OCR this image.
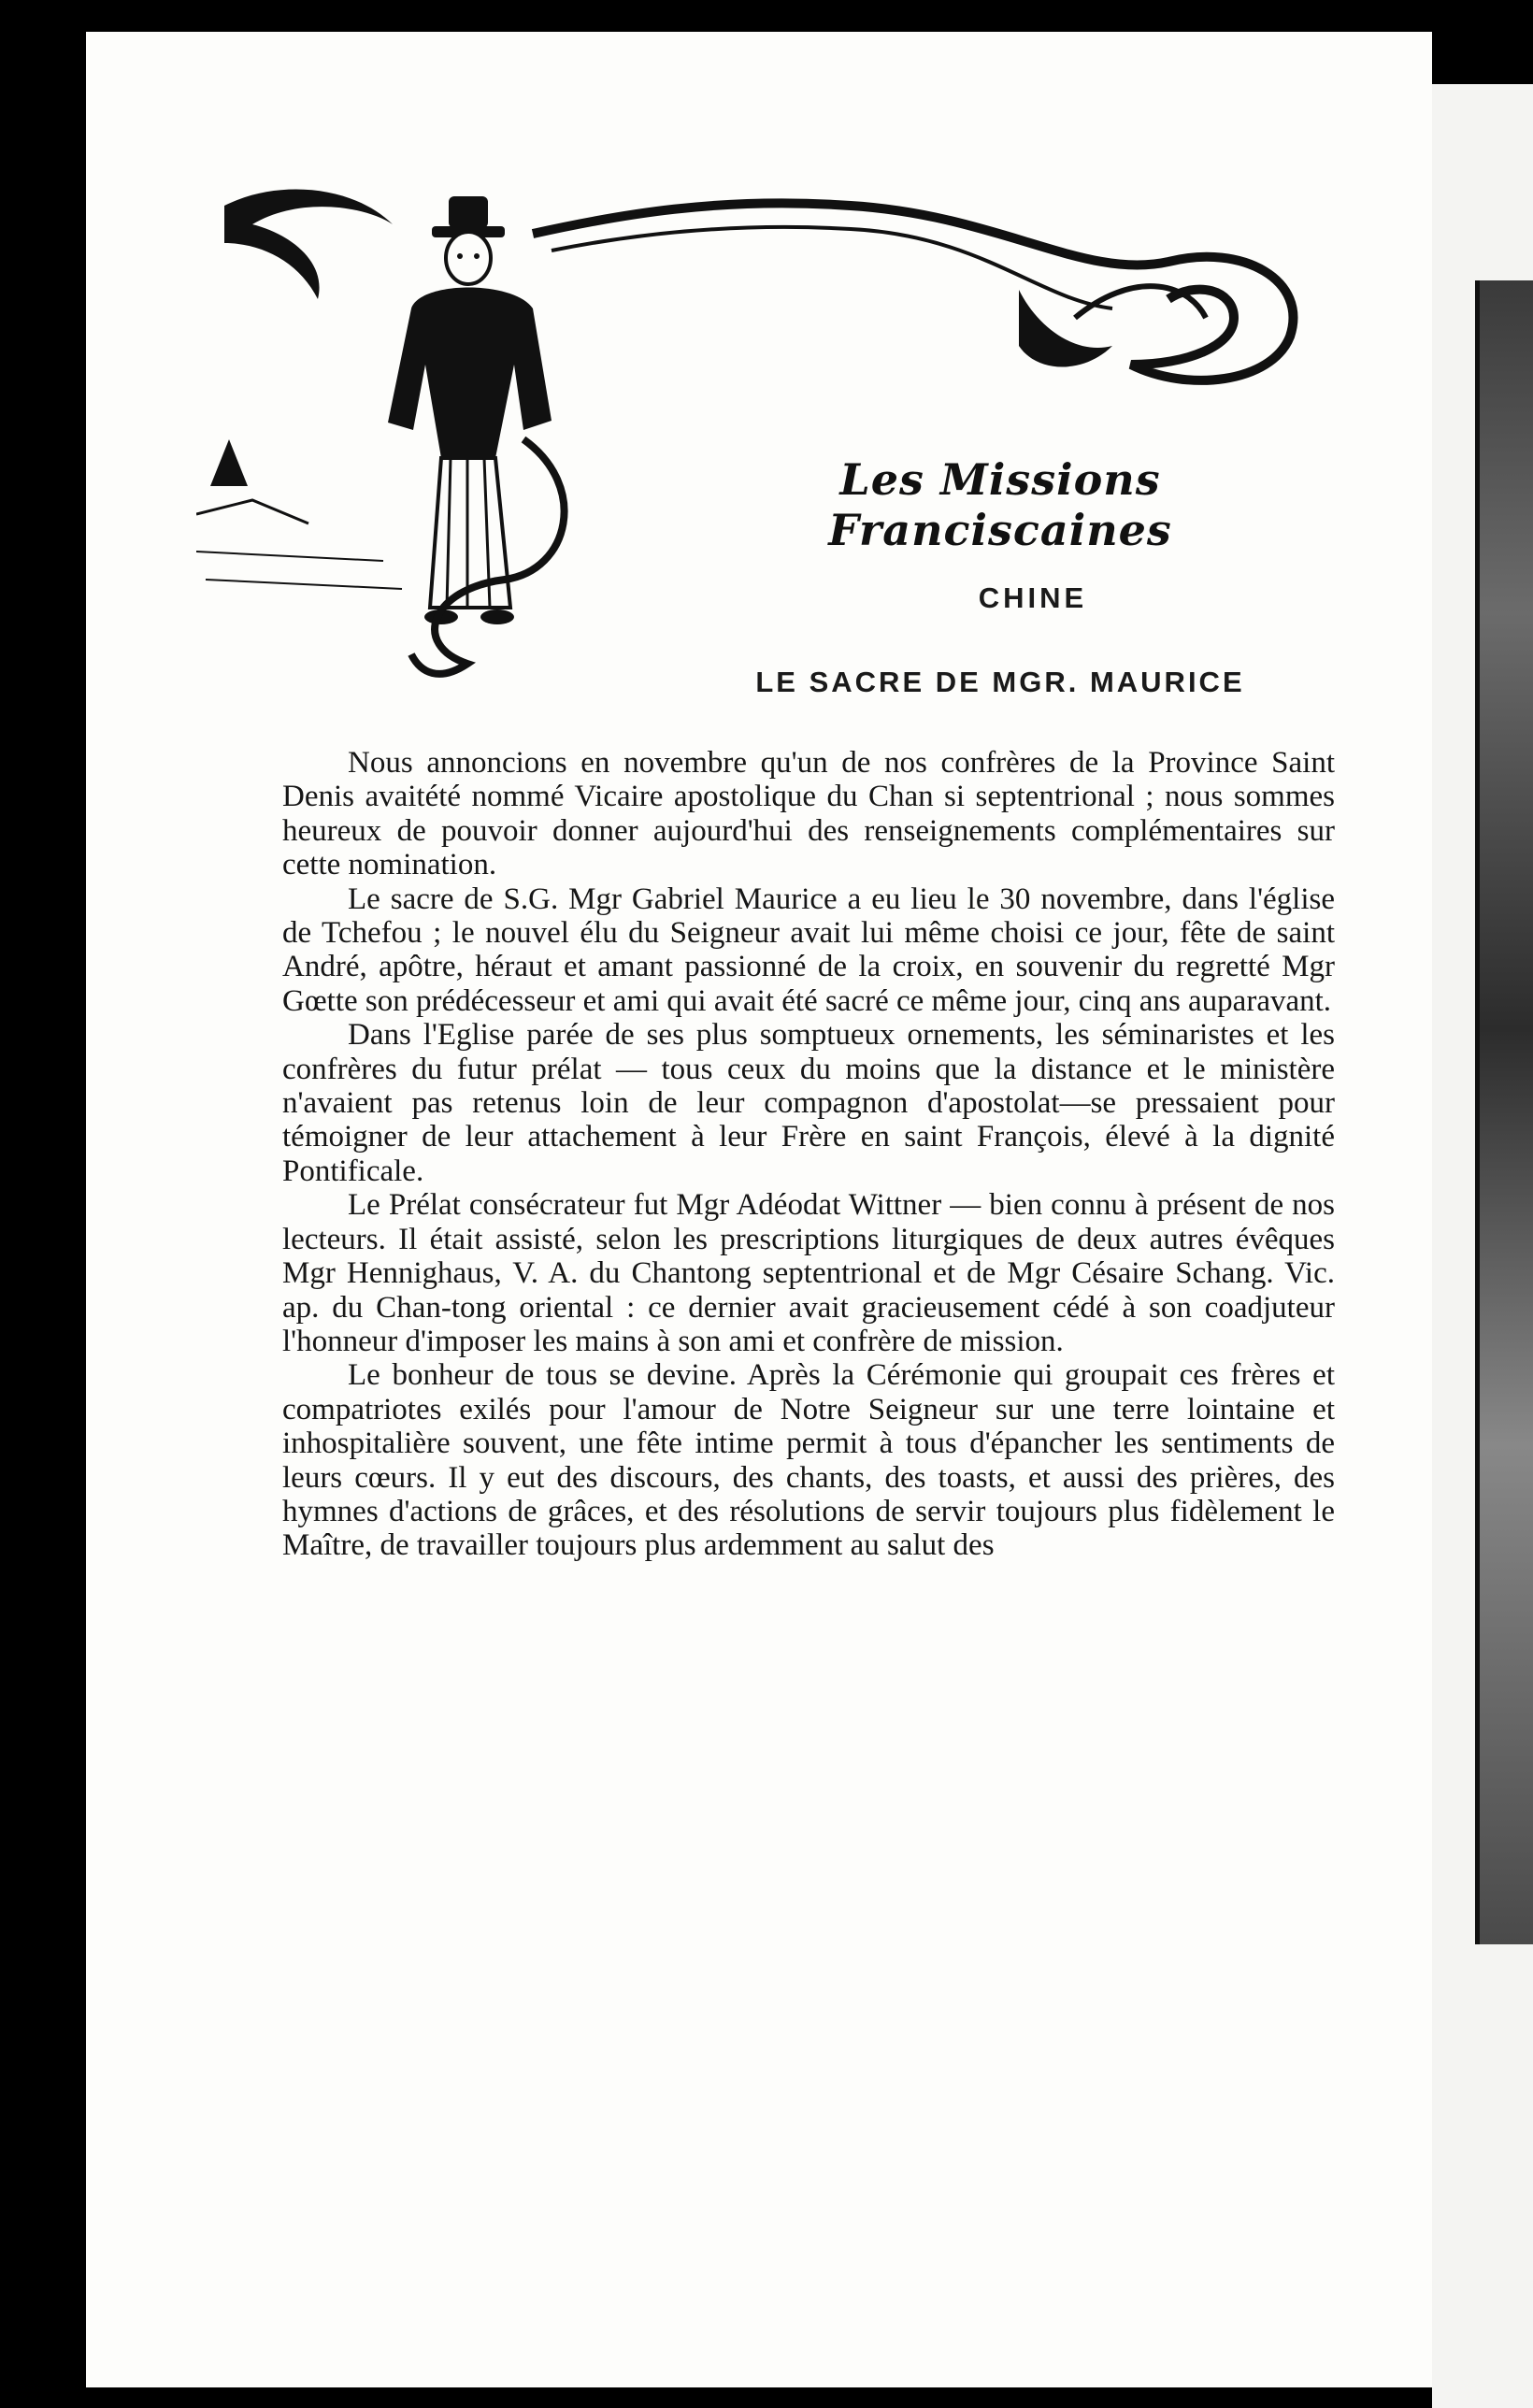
Les Missions Franciscaines
CHINE
LE SACRE DE MGR. MAURICE

Nous annoncions en novembre qu'un de nos confrères de la Province Saint Denis avaitété nommé Vicaire apostolique du Chan si septentrional ; nous sommes heureux de pouvoir donner aujourd'hui des renseignements complémentaires sur cette nomination.

Le sacre de S.G. Mgr Gabriel Maurice a eu lieu le 30 novembre, dans l'église de Tchefou ; le nouvel élu du Seigneur avait lui même choisi ce jour, fête de saint André, apôtre, héraut et amant passionné de la croix, en souvenir du regretté Mgr Gœtte son prédécesseur et ami qui avait été sacré ce même jour, cinq ans auparavant.

Dans l'Eglise parée de ses plus somptueux ornements, les séminaristes et les confrères du futur prélat — tous ceux du moins que la distance et le ministère n'avaient pas retenus loin de leur compagnon d'apostolat—se pressaient pour témoigner de leur attachement à leur Frère en saint François, élevé à la dignité Pontificale.

Le Prélat consécrateur fut Mgr Adéodat Wittner — bien connu à présent de nos lecteurs. Il était assisté, selon les prescriptions liturgiques de deux autres évêques Mgr Hennighaus, V. A. du Chantong septentrional et de Mgr Césaire Schang. Vic. ap. du Chan-tong oriental : ce dernier avait gracieusement cédé à son coadjuteur l'honneur d'imposer les mains à son ami et confrère de mission.

Le bonheur de tous se devine. Après la Cérémonie qui groupait ces frères et compatriotes exilés pour l'amour de Notre Seigneur sur une terre lointaine et inhospitalière souvent, une fête intime permit à tous d'épancher les sentiments de leurs cœurs. Il y eut des discours, des chants, des toasts, et aussi des prières, des hymnes d'actions de grâces, et des résolutions de servir toujours plus fidèlement le Maître, de travailler toujours plus ardemment au salut des
